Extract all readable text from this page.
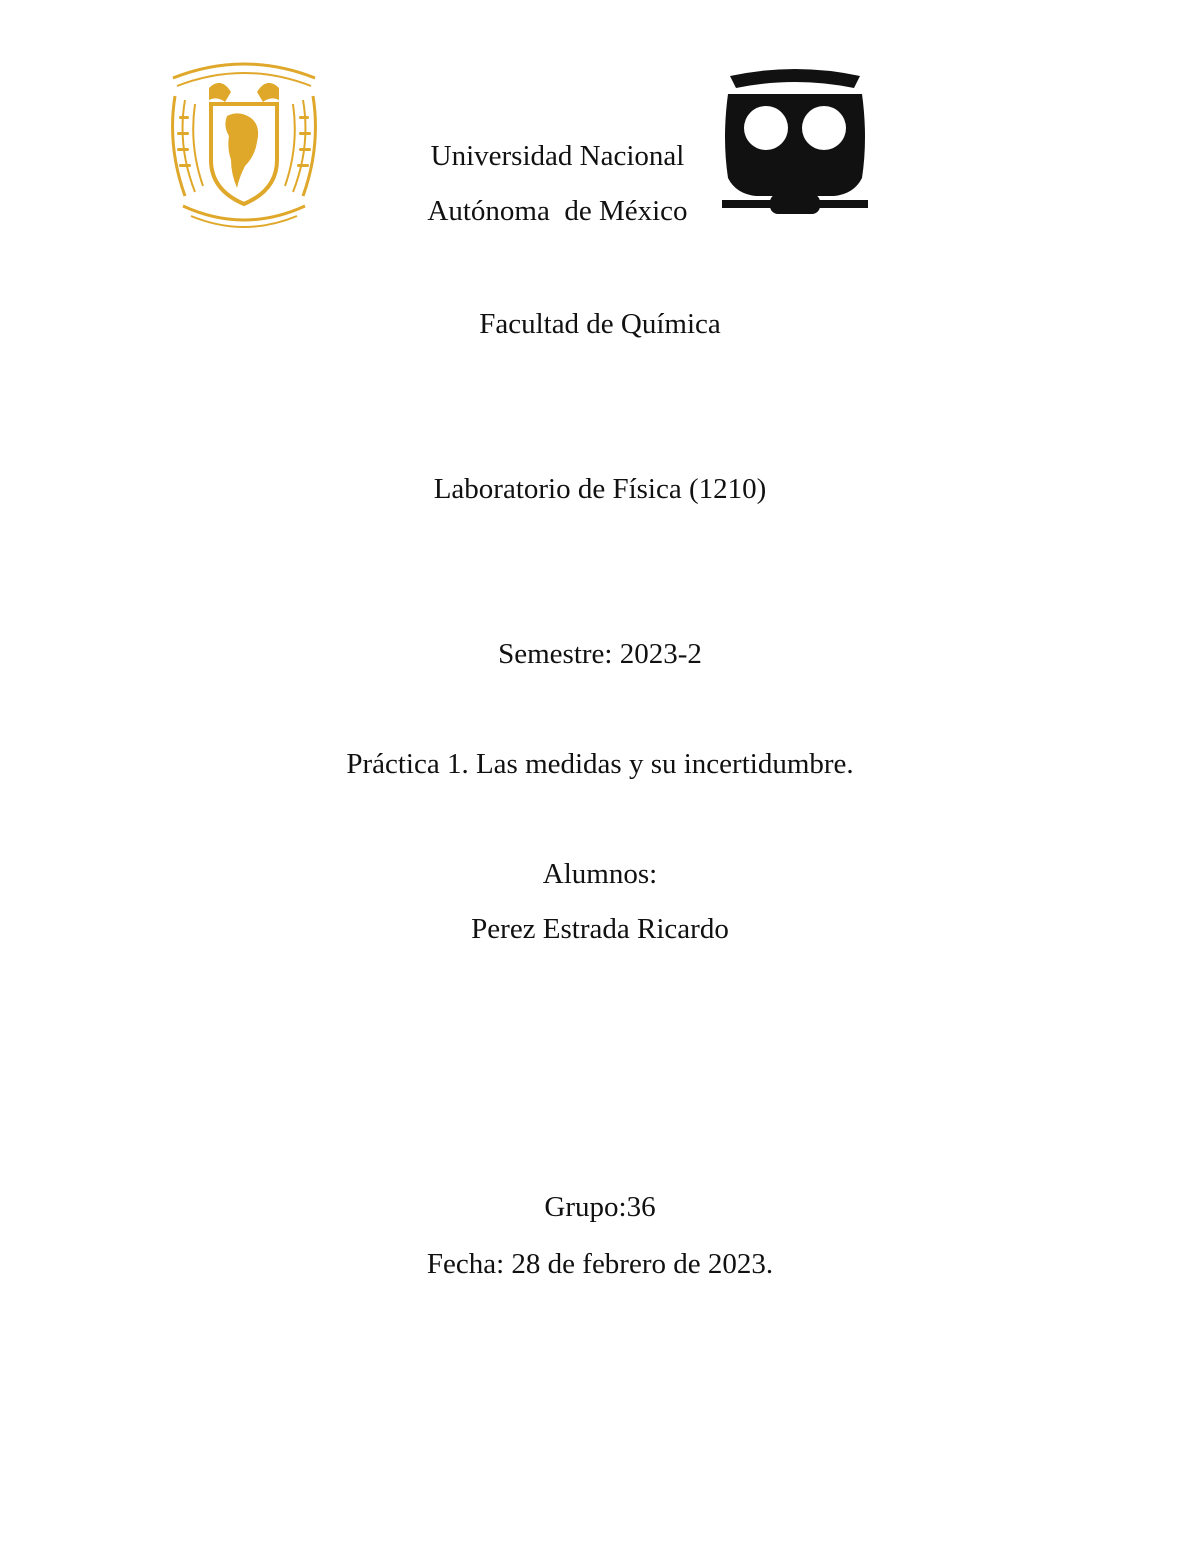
Universidad Nacional
Autónoma  de México
Facultad de Química
Laboratorio de Física (1210)
Semestre: 2023-2
Práctica 1. Las medidas y su incertidumbre.
Alumnos:
Perez Estrada Ricardo
Grupo:36
Fecha: 28 de febrero de 2023.
